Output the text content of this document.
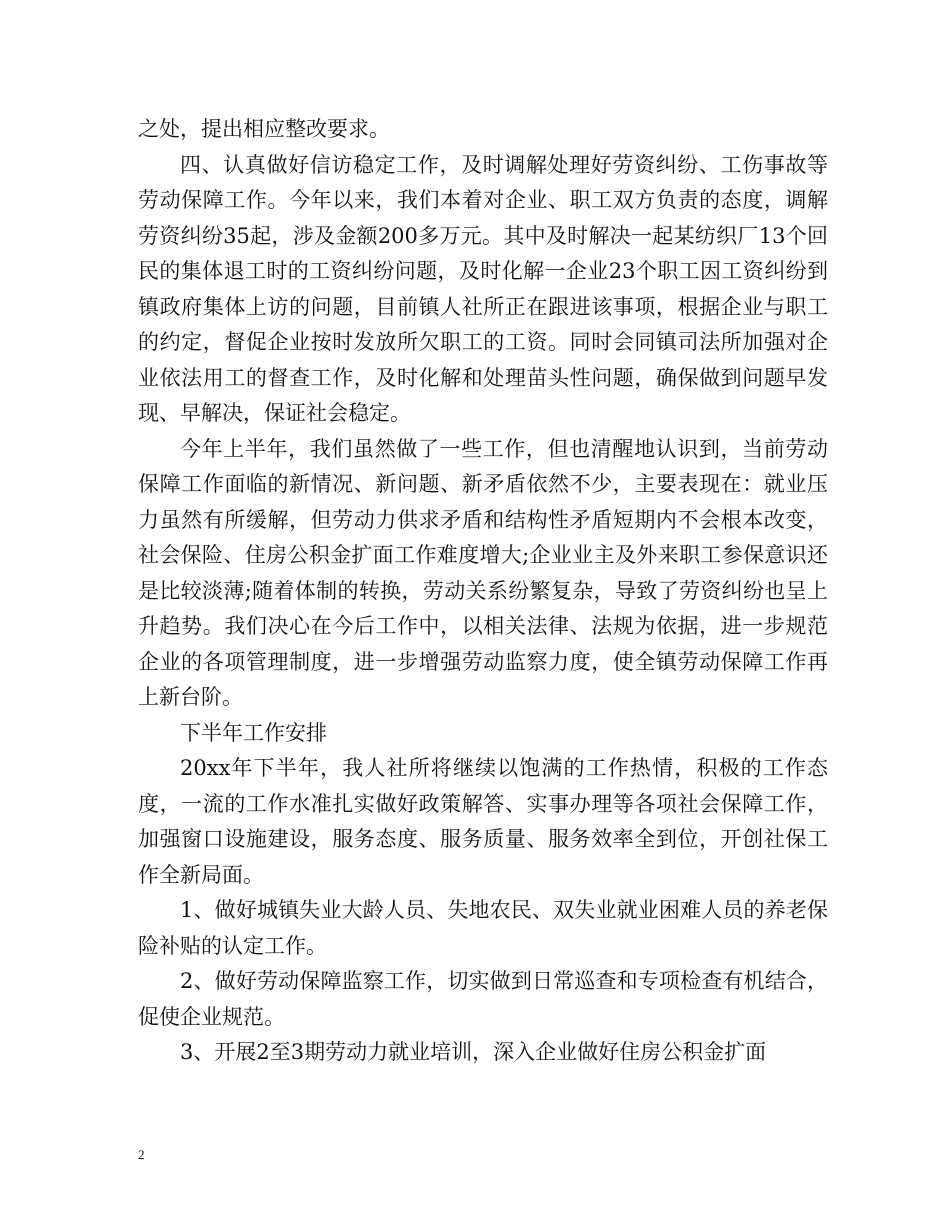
之处，提出相应整改要求。

四、认真做好信访稳定工作，及时调解处理好劳资纠纷、工伤事故等劳动保障工作。今年以来，我们本着对企业、职工双方负责的态度，调解劳资纠纷35起，涉及金额200多万元。其中及时解决一起某纺织厂13个回民的集体退工时的工资纠纷问题，及时化解一企业23个职工因工资纠纷到镇政府集体上访的问题，目前镇人社所正在跟进该事项，根据企业与职工的约定，督促企业按时发放所欠职工的工资。同时会同镇司法所加强对企业依法用工的督查工作，及时化解和处理苗头性问题，确保做到问题早发现、早解决，保证社会稳定。

今年上半年，我们虽然做了一些工作，但也清醒地认识到，当前劳动保障工作面临的新情况、新问题、新矛盾依然不少，主要表现在：就业压力虽然有所缓解，但劳动力供求矛盾和结构性矛盾短期内不会根本改变，社会保险、住房公积金扩面工作难度增大;企业业主及外来职工参保意识还是比较淡薄;随着体制的转换，劳动关系纷繁复杂，导致了劳资纠纷也呈上升趋势。我们决心在今后工作中，以相关法律、法规为依据，进一步规范企业的各项管理制度，进一步增强劳动监察力度，使全镇劳动保障工作再上新台阶。

下半年工作安排

20xx年下半年，我人社所将继续以饱满的工作热情，积极的工作态度，一流的工作水准扎实做好政策解答、实事办理等各项社会保障工作，加强窗口设施建设，服务态度、服务质量、服务效率全到位，开创社保工作全新局面。

1、做好城镇失业大龄人员、失地农民、双失业就业困难人员的养老保险补贴的认定工作。

2、做好劳动保障监察工作，切实做到日常巡查和专项检查有机结合，促使企业规范。

3、开展2至3期劳动力就业培训，深入企业做好住房公积金扩面

2
